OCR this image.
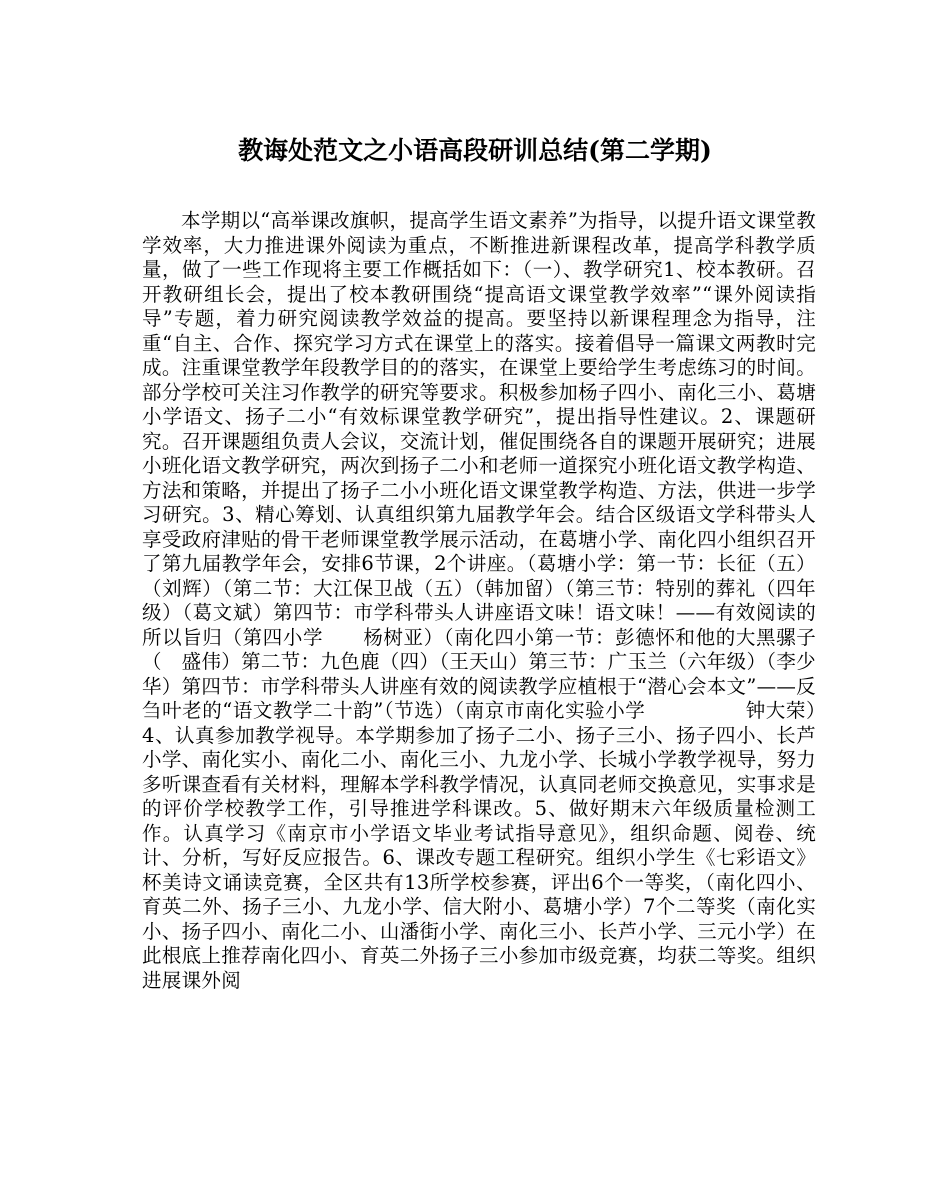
教诲处范文之小语高段研训总结(第二学期)

本学期以“高举课改旗帜，提高学生语文素养”为指导，以提升语文课堂教学效率，大力推进课外阅读为重点，不断推进新课程改革，提高学科教学质量，做了一些工作现将主要工作概括如下：（一）、教学研究1、校本教研。召开教研组长会，提出了校本教研围绕“提高语文课堂教学效率”“课外阅读指导”专题，着力研究阅读教学效益的提高。要坚持以新课程理念为指导，注重“自主、合作、探究学习方式在课堂上的落实。接着倡导一篇课文两教时完成。注重课堂教学年段教学目的的落实，在课堂上要给学生考虑练习的时间。部分学校可关注习作教学的研究等要求。积极参加杨子四小、南化三小、葛塘小学语文、扬子二小“有效标课堂教学研究”，提出指导性建议。2、课题研究。召开课题组负责人会议，交流计划，催促围绕各自的课题开展研究；进展小班化语文教学研究，两次到扬子二小和老师一道探究小班化语文教学构造、方法和策略，并提出了扬子二小小班化语文课堂教学构造、方法，供进一步学习研究。3、精心筹划、认真组织第九届教学年会。结合区级语文学科带头人享受政府津贴的骨干老师课堂教学展示活动，在葛塘小学、南化四小组织召开了第九届教学年会，安排6节课，2个讲座。（葛塘小学：第一节：长征（五）（刘辉）（第二节：大江保卫战（五）（韩加留）（第三节：特别的葬礼（四年级）（葛文斌）第四节：市学科带头人讲座语文味！语文味！——有效阅读的所以旨归（第四小学　　杨树亚）（南化四小第一节：彭德怀和他的大黑骡子（　盛伟）第二节：九色鹿（四）（王天山）第三节：广玉兰（六年级）（李少华）第四节：市学科带头人讲座有效的阅读教学应植根于“潜心会本文”——反刍叶老的“语文教学二十韵”（节选）（南京市南化实验小学　　　　　钟大荣）4、认真参加教学视导。本学期参加了扬子二小、扬子三小、扬子四小、长芦小学、南化实小、南化二小、南化三小、九龙小学、长城小学教学视导，努力多听课查看有关材料，理解本学科教学情况，认真同老师交换意见，实事求是的评价学校教学工作，引导推进学科课改。5、做好期末六年级质量检测工作。认真学习《南京市小学语文毕业考试指导意见》，组织命题、阅卷、统计、分析，写好反应报告。6、课改专题工程研究。组织小学生《七彩语文》杯美诗文诵读竞赛，全区共有13所学校参赛，评出6个一等奖，（南化四小、育英二外、扬子三小、九龙小学、信大附小、葛塘小学）7个二等奖（南化实小、扬子四小、南化二小、山潘街小学、南化三小、长芦小学、三元小学）在此根底上推荐南化四小、育英二外扬子三小参加市级竞赛，均获二等奖。组织进展课外阅
